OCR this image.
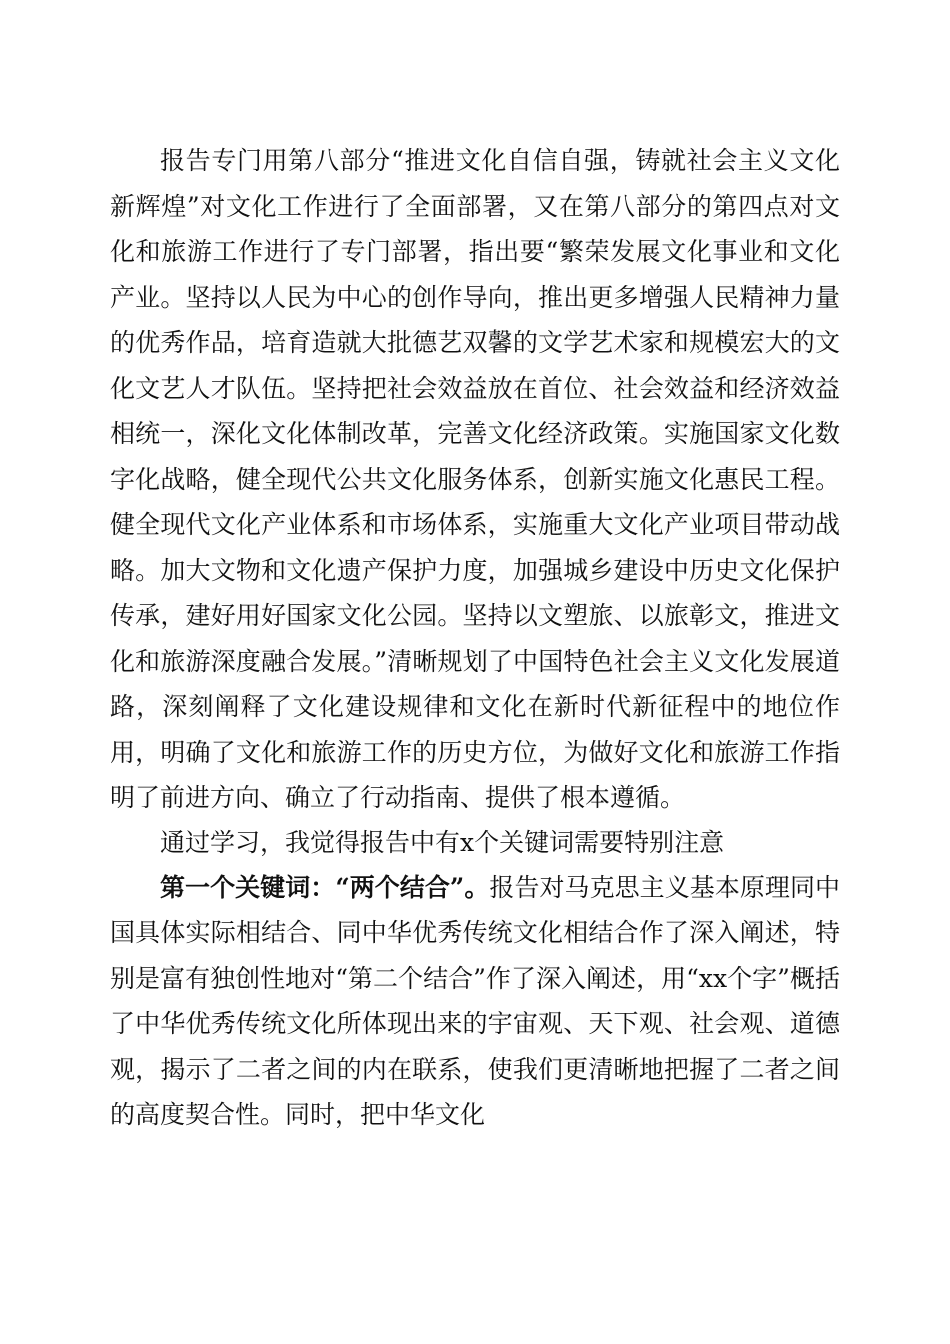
报告专门用第八部分“推进文化自信自强，铸就社会主义文化新辉煌”对文化工作进行了全面部署，又在第八部分的第四点对文化和旅游工作进行了专门部署，指出要“繁荣发展文化事业和文化产业。坚持以人民为中心的创作导向，推出更多增强人民精神力量的优秀作品，培育造就大批德艺双馨的文学艺术家和规模宏大的文化文艺人才队伍。坚持把社会效益放在首位、社会效益和经济效益相统一，深化文化体制改革，完善文化经济政策。实施国家文化数字化战略，健全现代公共文化服务体系，创新实施文化惠民工程。健全现代文化产业体系和市场体系，实施重大文化产业项目带动战略。加大文物和文化遗产保护力度，加强城乡建设中历史文化保护传承，建好用好国家文化公园。坚持以文塑旅、以旅彰文，推进文化和旅游深度融合发展。”清晰规划了中国特色社会主义文化发展道路，深刻阐释了文化建设规律和文化在新时代新征程中的地位作用，明确了文化和旅游工作的历史方位，为做好文化和旅游工作指明了前进方向、确立了行动指南、提供了根本遵循。

通过学习，我觉得报告中有x个关键词需要特别注意

第一个关键词：“两个结合”。报告对马克思主义基本原理同中国具体实际相结合、同中华优秀传统文化相结合作了深入阐述，特别是富有独创性地对“第二个结合”作了深入阐述，用“xx个字”概括了中华优秀传统文化所体现出来的宇宙观、天下观、社会观、道德观，揭示了二者之间的内在联系，使我们更清晰地把握了二者之间的高度契合性。同时，把中华文化
